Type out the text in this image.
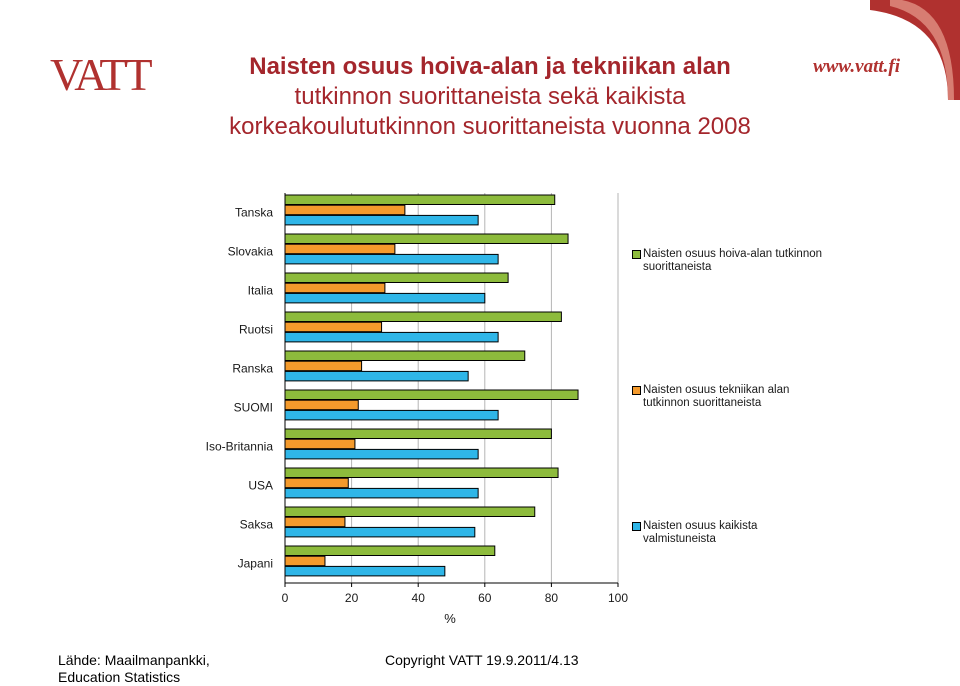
VATT	www.vatt.fi
Naisten osuus hoiva-alan ja tekniikan alan
tutkinnon suorittaneista sekä kaikista
korkeakoulututkinnon suorittaneista vuonna 2008
Tanska
Slovakia
Italia
Ruotsi
Ranska
SUOMI
Iso-Britannia
USA
Saksa
Japani
0	20	40	60	80	100
%
Naisten osuus hoiva-alan tutkinnon suorittaneista
Naisten osuus tekniikan alan tutkinnon suorittaneista
Naisten osuus kaikista valmistuneista
Lähde: Maailmanpankki,
Education Statistics
Copyright VATT 19.9.2011/4.13
